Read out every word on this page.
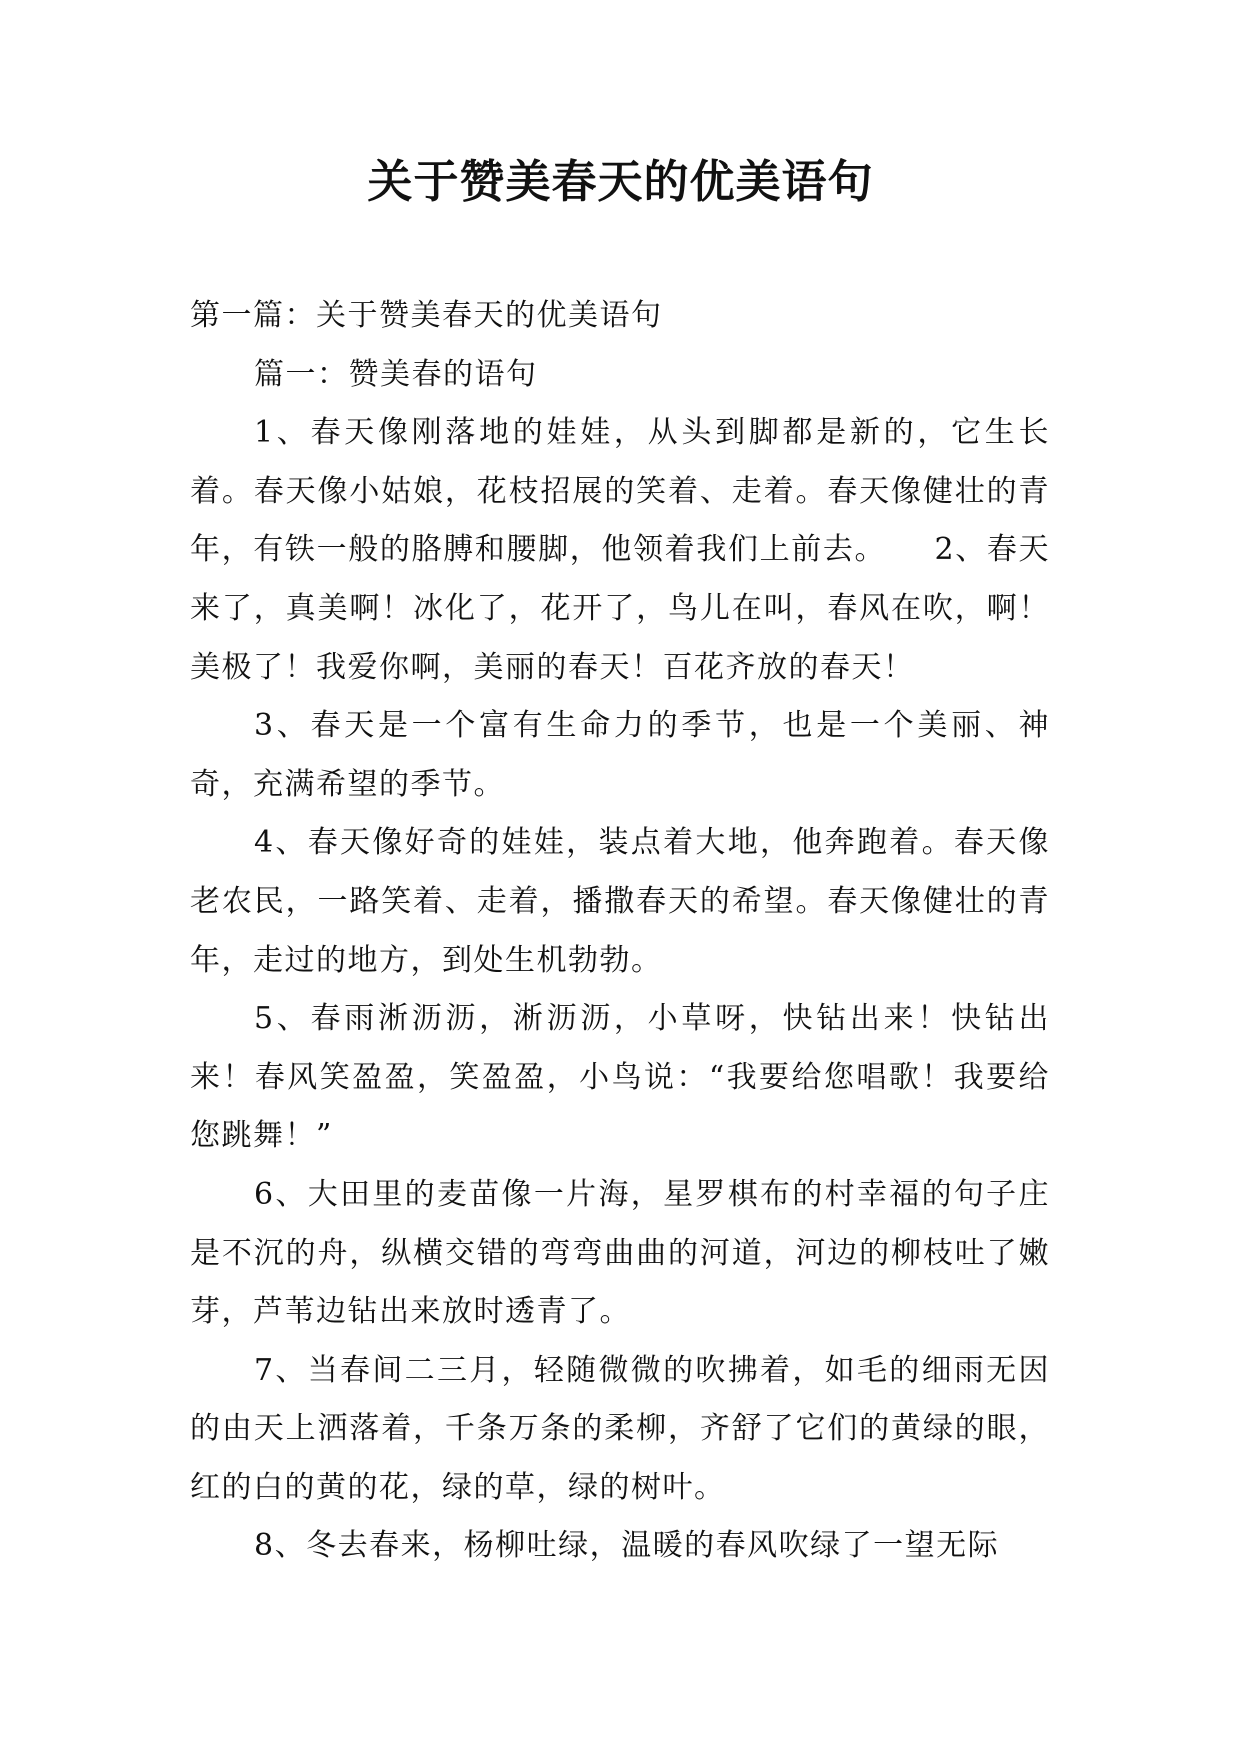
关于赞美春天的优美语句

第一篇：关于赞美春天的优美语句

篇一：赞美春的语句

1、春天像刚落地的娃娃，从头到脚都是新的，它生长着。春天像小姑娘，花枝招展的笑着、走着。春天像健壮的青年，有铁一般的胳膊和腰脚，他领着我们上前去。　　2、春天来了，真美啊！冰化了，花开了，鸟儿在叫，春风在吹，啊！美极了！我爱你啊，美丽的春天！百花齐放的春天！

3、春天是一个富有生命力的季节，也是一个美丽、神奇，充满希望的季节。

4、春天像好奇的娃娃，装点着大地，他奔跑着。春天像老农民，一路笑着、走着，播撒春天的希望。春天像健壮的青年，走过的地方，到处生机勃勃。

5、春雨淅沥沥，淅沥沥，小草呀，快钻出来！快钻出来！春风笑盈盈，笑盈盈，小鸟说：“我要给您唱歌！我要给您跳舞！”

6、大田里的麦苗像一片海，星罗棋布的村幸福的句子庄是不沉的舟，纵横交错的弯弯曲曲的河道，河边的柳枝吐了嫩芽，芦苇边钻出来放时透青了。

7、当春间二三月，轻随微微的吹拂着，如毛的细雨无因的由天上洒落着，千条万条的柔柳，齐舒了它们的黄绿的眼，红的白的黄的花，绿的草，绿的树叶。

8、冬去春来，杨柳吐绿，温暖的春风吹绿了一望无际
